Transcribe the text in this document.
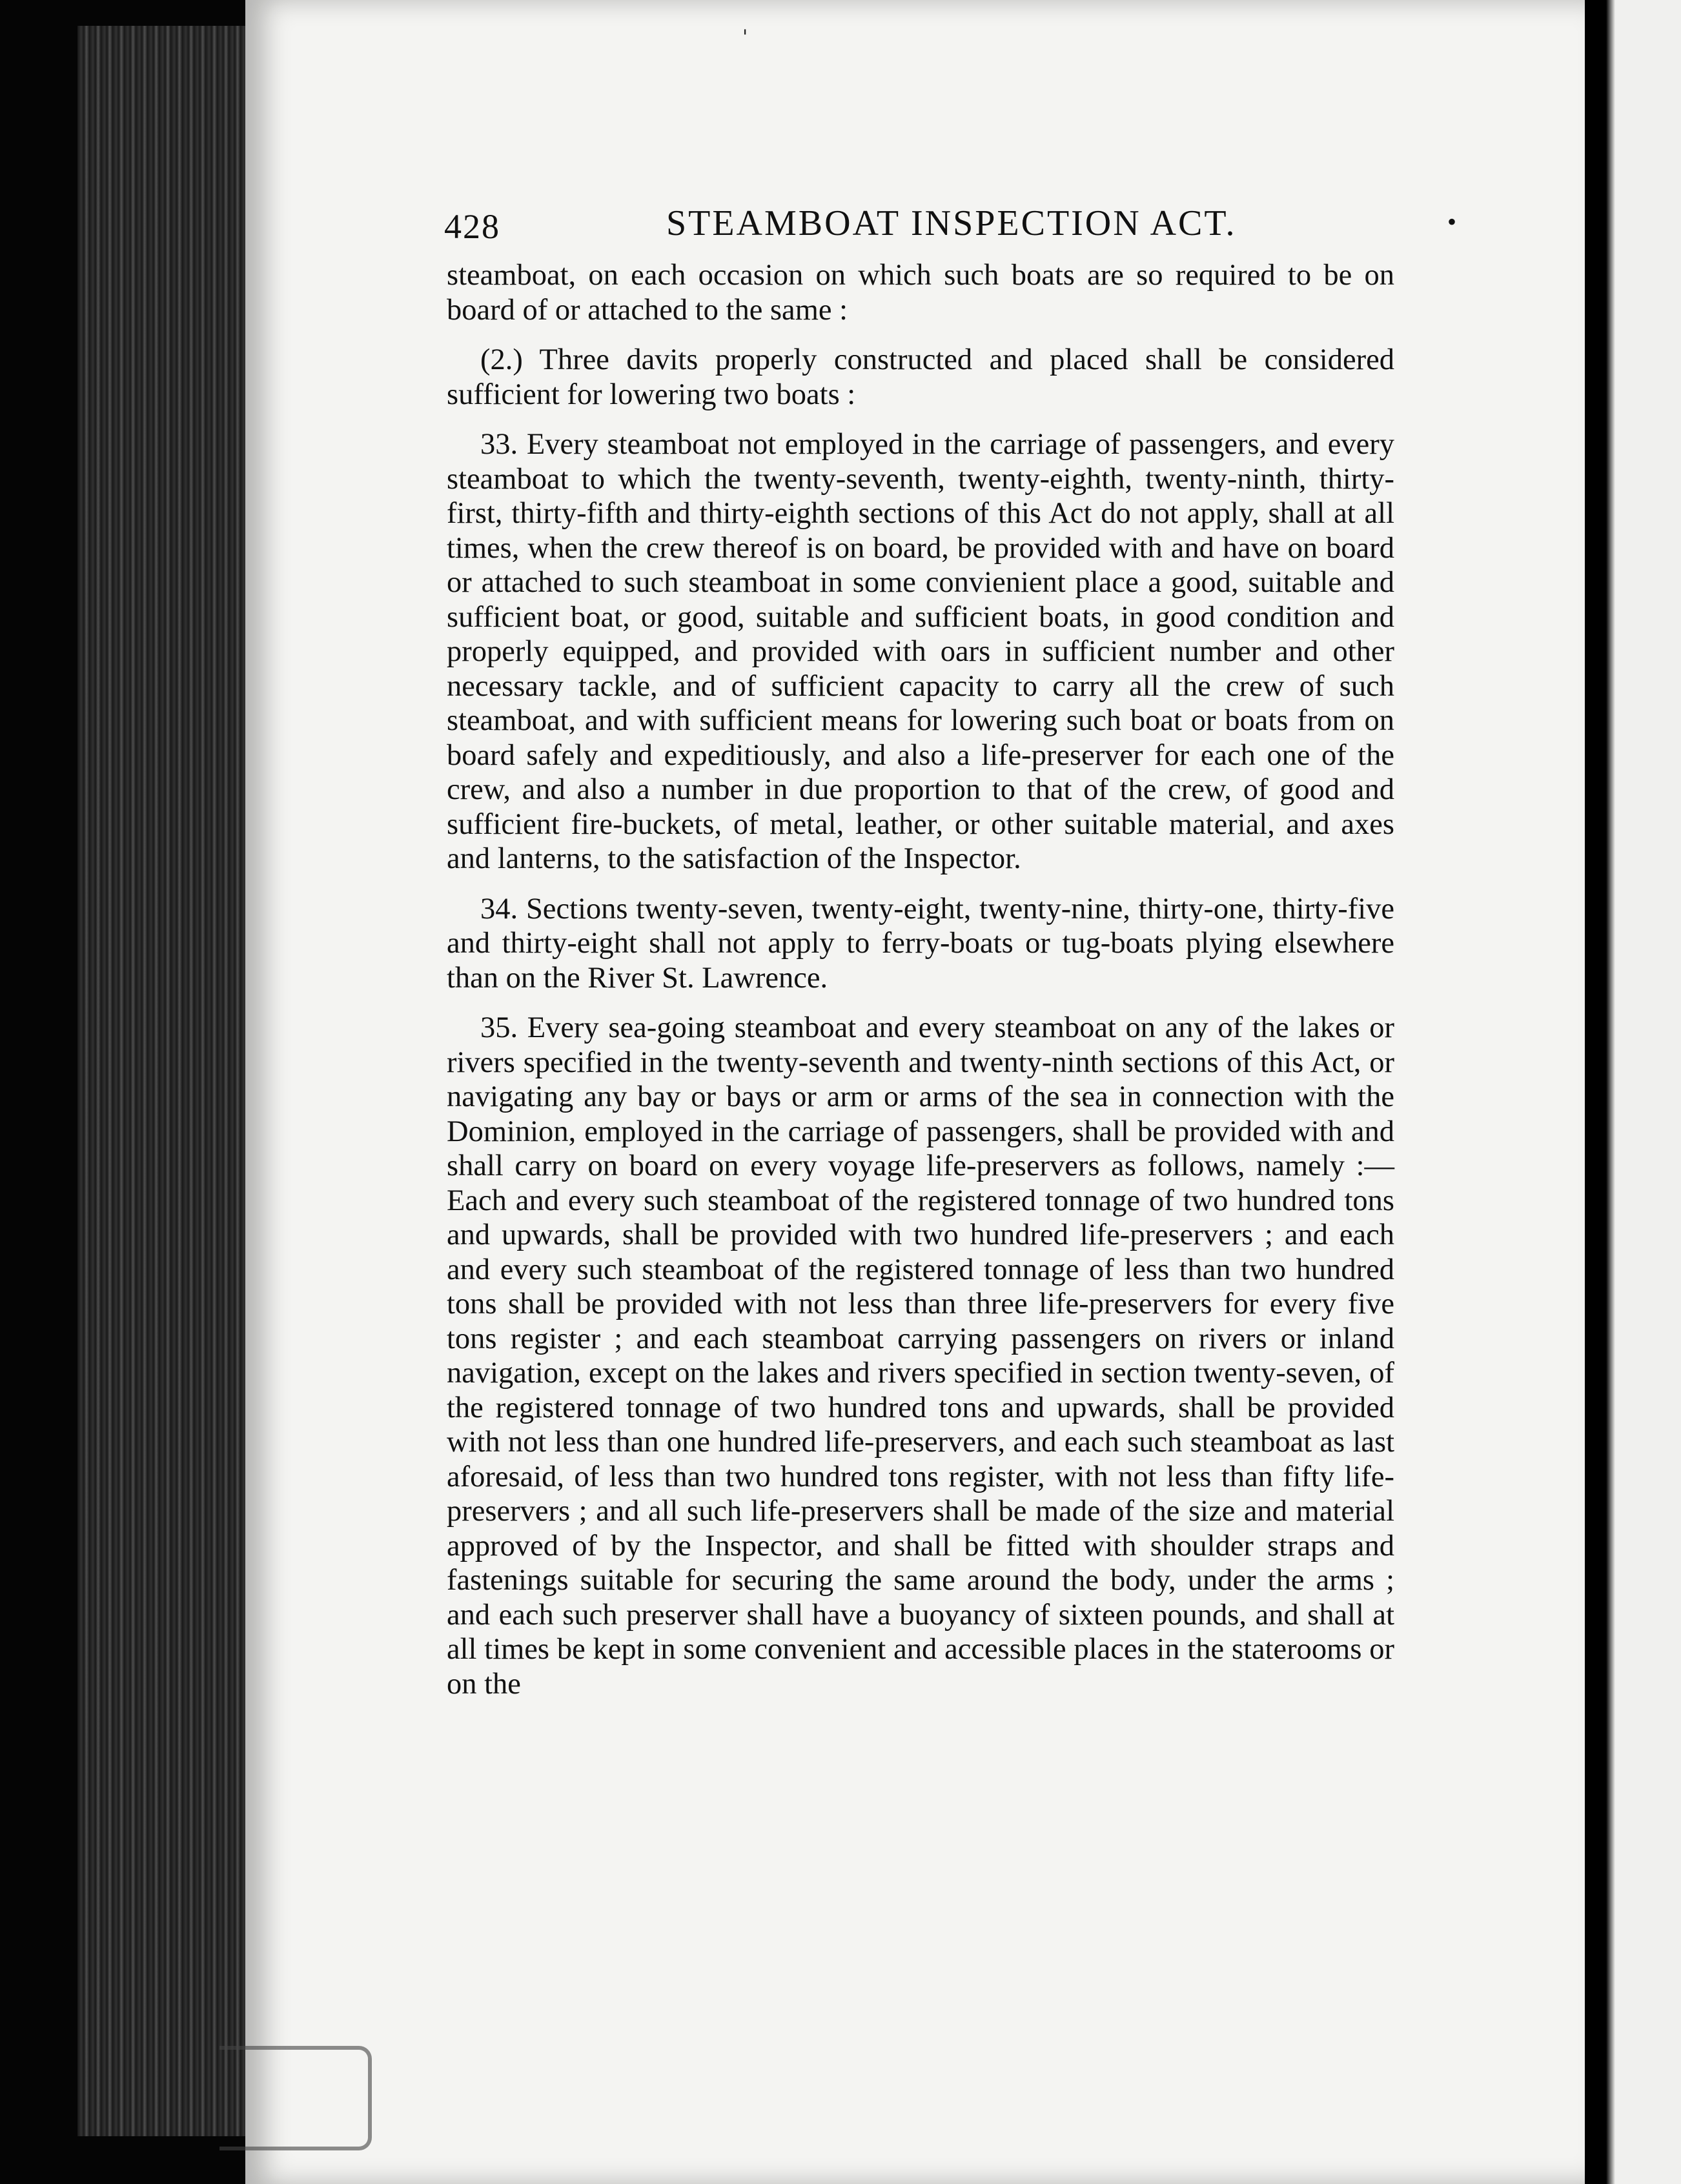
'
428	STEAMBOAT INSPECTION ACT.	•

steamboat, on each occasion on which such boats are so required to be on board of or attached to the same :

(2.) Three davits properly constructed and placed shall be considered sufficient for lowering two boats :

33. Every steamboat not employed in the carriage of passengers, and every steamboat to which the twenty-seventh, twenty-eighth, twenty-ninth, thirty-first, thirty-fifth and thirty-eighth sections of this Act do not apply, shall at all times, when the crew thereof is on board, be provided with and have on board or attached to such steamboat in some convienient place a good, suitable and sufficient boat, or good, suitable and sufficient boats, in good condition and properly equipped, and provided with oars in sufficient number and other necessary tackle, and of sufficient capacity to carry all the crew of such steamboat, and with sufficient means for lowering such boat or boats from on board safely and expeditiously, and also a life-preserver for each one of the crew, and also a number in due proportion to that of the crew, of good and sufficient fire-buckets, of metal, leather, or other suitable material, and axes and lanterns, to the satisfaction of the Inspector.

34. Sections twenty-seven, twenty-eight, twenty-nine, thirty-one, thirty-five and thirty-eight shall not apply to ferry-boats or tug-boats plying elsewhere than on the River St. Lawrence.

35. Every sea-going steamboat and every steamboat on any of the lakes or rivers specified in the twenty-seventh and twenty-ninth sections of this Act, or navigating any bay or bays or arm or arms of the sea in connection with the Dominion, employed in the carriage of passengers, shall be provided with and shall carry on board on every voyage life-preservers as follows, namely :—Each and every such steamboat of the registered tonnage of two hundred tons and upwards, shall be provided with two hundred life-preservers ; and each and every such steamboat of the registered tonnage of less than two hundred tons shall be provided with not less than three life-preservers for every five tons register ; and each steamboat carrying passengers on rivers or inland navigation, except on the lakes and rivers specified in section twenty-seven, of the registered tonnage of two hundred tons and upwards, shall be provided with not less than one hundred life-preservers, and each such steamboat as last aforesaid, of less than two hundred tons register, with not less than fifty life-preservers ; and all such life-preservers shall be made of the size and material approved of by the Inspector, and shall be fitted with shoulder straps and fastenings suitable for securing the same around the body, under the arms ; and each such preserver shall have a buoyancy of sixteen pounds, and shall at all times be kept in some convenient and accessible places in the staterooms or on the
